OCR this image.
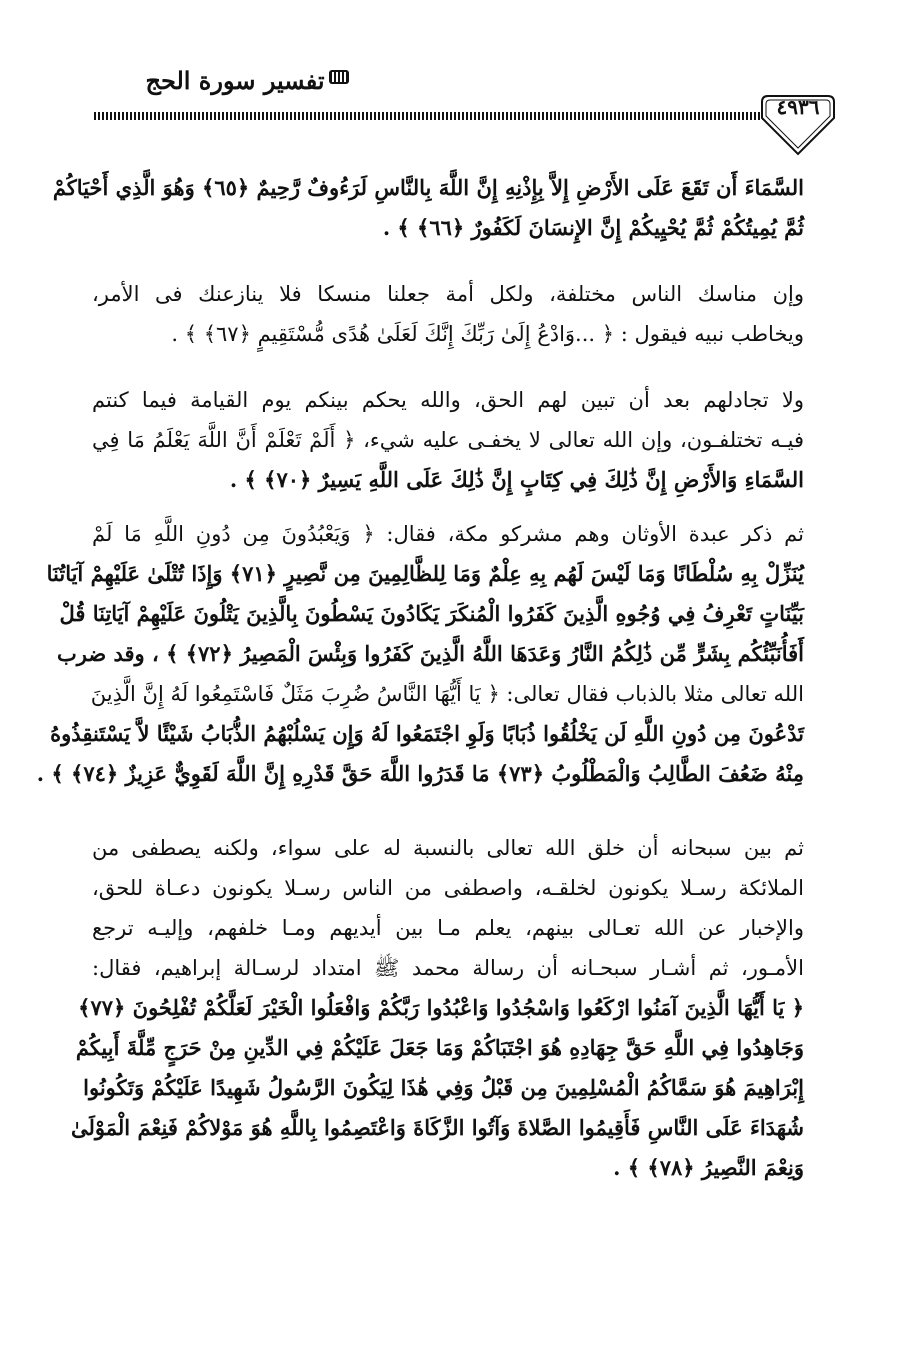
تفسير سورة الحج
٤٩٣٦
السَّمَاءَ أَن تَقَعَ عَلَى الأَرْضِ إِلاَّ بِإِذْنِهِ إِنَّ اللَّهَ بِالنَّاسِ لَرَءُوفٌ رَّحِيمٌ ﴿٦٥﴾ وَهُوَ الَّذِي أَحْيَاكُمْ
ثُمَّ يُمِيتُكُمْ ثُمَّ يُحْيِيكُمْ إِنَّ الإِنسَانَ لَكَفُورٌ ﴿٦٦﴾ ﴾ .
وإن مناسك الناس مختلفة، ولكل أمة جعلنا منسكا فلا ينازعنك فى الأمر،
ويخاطب نبيه فيقول : ﴿ ...وَادْعُ إِلَىٰ رَبِّكَ إِنَّكَ لَعَلَىٰ هُدًى مُّسْتَقِيمٍ ﴿٦٧﴾ ﴾ .
ولا تجادلهم بعد أن تبين لهم الحق، والله يحكم بينكم يوم القيامة فيما كنتم
فيـه تختلفـون، وإن الله تعالى لا يخفـى عليه شيء، ﴿ أَلَمْ تَعْلَمْ أَنَّ اللَّهَ يَعْلَمُ مَا فِي
السَّمَاءِ وَالأَرْضِ إِنَّ ذَٰلِكَ فِي كِتَابٍ إِنَّ ذَٰلِكَ عَلَى اللَّهِ يَسِيرٌ ﴿٧٠﴾ ﴾ .
ثم ذكر عبدة الأوثان وهم مشركو مكة، فقال: ﴿ وَيَعْبُدُونَ مِن دُونِ اللَّهِ مَا لَمْ
يُنَزِّلْ بِهِ سُلْطَانًا وَمَا لَيْسَ لَهُم بِهِ عِلْمٌ وَمَا لِلظَّالِمِينَ مِن نَّصِيرٍ ﴿٧١﴾ وَإِذَا تُتْلَىٰ عَلَيْهِمْ آيَاتُنَا
بَيِّنَاتٍ تَعْرِفُ فِي وُجُوهِ الَّذِينَ كَفَرُوا الْمُنكَرَ يَكَادُونَ يَسْطُونَ بِالَّذِينَ يَتْلُونَ عَلَيْهِمْ آيَاتِنَا قُلْ
أَفَأُنَبِّئُكُم بِشَرٍّ مِّن ذَٰلِكُمُ النَّارُ وَعَدَهَا اللَّهُ الَّذِينَ كَفَرُوا وَبِئْسَ الْمَصِيرُ ﴿٧٢﴾ ﴾ ، وقد ضرب
الله تعالى مثلا بالذباب فقال تعالى: ﴿ يَا أَيُّهَا النَّاسُ ضُرِبَ مَثَلٌ فَاسْتَمِعُوا لَهُ إِنَّ الَّذِينَ
تَدْعُونَ مِن دُونِ اللَّهِ لَن يَخْلُقُوا ذُبَابًا وَلَوِ اجْتَمَعُوا لَهُ وَإِن يَسْلُبْهُمُ الذُّبَابُ شَيْئًا لاَّ يَسْتَنقِذُوهُ
مِنْهُ ضَعُفَ الطَّالِبُ وَالْمَطْلُوبُ ﴿٧٣﴾ مَا قَدَرُوا اللَّهَ حَقَّ قَدْرِهِ إِنَّ اللَّهَ لَقَوِيٌّ عَزِيزٌ ﴿٧٤﴾ ﴾ .
ثم بين سبحانه أن خلق الله تعالى بالنسبة له على سواء، ولكنه يصطفى من
الملائكة رسـلا يكونون لخلقـه، واصطفى من الناس رسـلا يكونون دعـاة للحق،
والإخبار عن الله تعـالى بينهم، يعلم مـا بين أيديهم ومـا خلفهم، وإليـه ترجع
الأمـور، ثم أشـار سبحـانه أن رسالة محمد ﷺ امتداد لرسـالة إبراهيم، فقال:
﴿ يَا أَيُّهَا الَّذِينَ آمَنُوا ارْكَعُوا وَاسْجُدُوا وَاعْبُدُوا رَبَّكُمْ وَافْعَلُوا الْخَيْرَ لَعَلَّكُمْ تُفْلِحُونَ ﴿٧٧﴾
وَجَاهِدُوا فِي اللَّهِ حَقَّ جِهَادِهِ هُوَ اجْتَبَاكُمْ وَمَا جَعَلَ عَلَيْكُمْ فِي الدِّينِ مِنْ حَرَجٍ مِّلَّةَ أَبِيكُمْ
إِبْرَاهِيمَ هُوَ سَمَّاكُمُ الْمُسْلِمِينَ مِن قَبْلُ وَفِي هَٰذَا لِيَكُونَ الرَّسُولُ شَهِيدًا عَلَيْكُمْ وَتَكُونُوا
شُهَدَاءَ عَلَى النَّاسِ فَأَقِيمُوا الصَّلاةَ وَآتُوا الزَّكَاةَ وَاعْتَصِمُوا بِاللَّهِ هُوَ مَوْلاكُمْ فَنِعْمَ الْمَوْلَىٰ
وَنِعْمَ النَّصِيرُ ﴿٧٨﴾ ﴾ .
